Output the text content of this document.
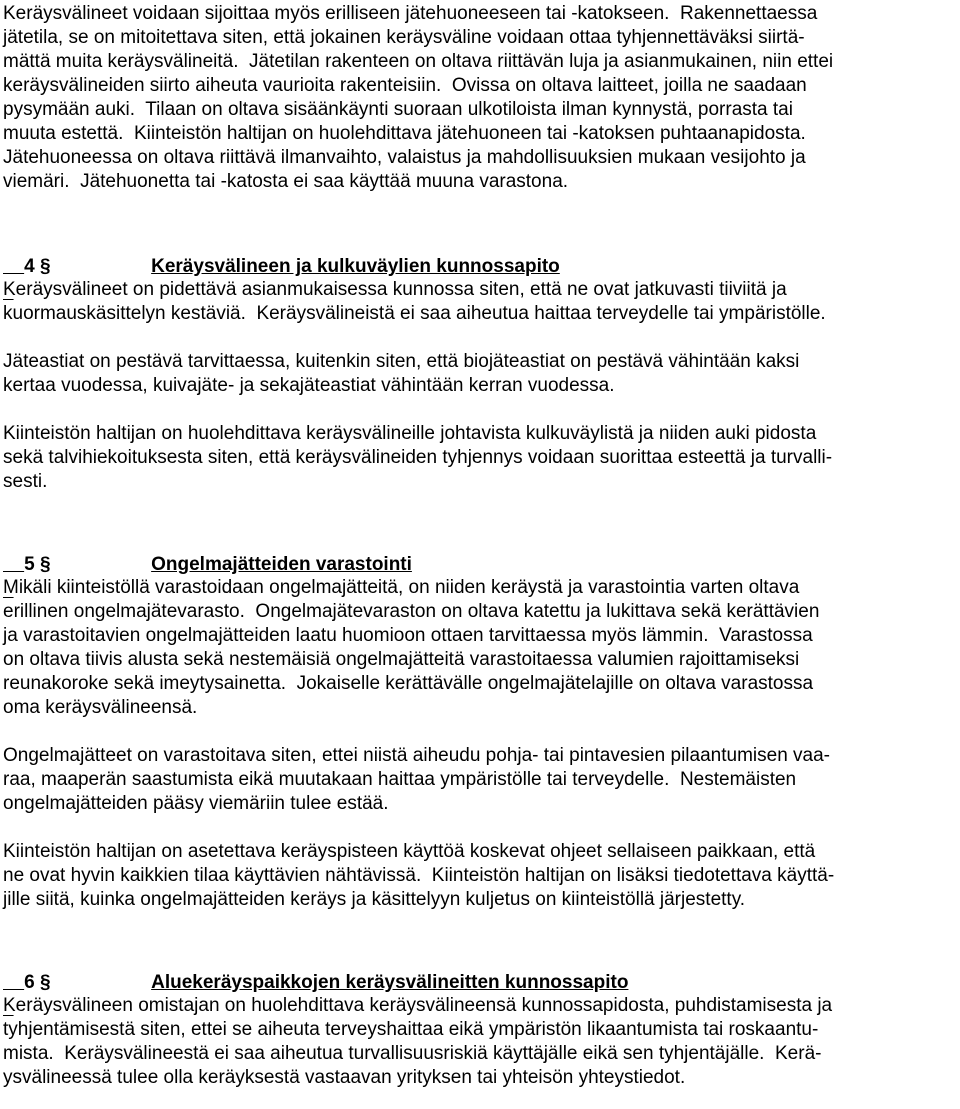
Keräysvälineet voidaan sijoittaa myös erilliseen jätehuoneeseen tai -katokseen.  Rakennettaessa

jätetila, se on mitoitettava siten, että jokainen keräysväline voidaan ottaa tyhjennettäväksi siirtä-

mättä muita keräysvälineitä.  Jätetilan rakenteen on oltava riittävän luja ja asianmukainen, niin ettei

keräysvälineiden siirto aiheuta vaurioita rakenteisiin.  Ovissa on oltava laitteet, joilla ne saadaan

pysymään auki.  Tilaan on oltava sisäänkäynti suoraan ulkotiloista ilman kynnystä, porrasta tai

muuta estettä.  Kiinteistön haltijan on huolehdittava jätehuoneen tai -katoksen puhtaanapidosta.

Jätehuoneessa on oltava riittävä ilmanvaihto, valaistus ja mahdollisuuksien mukaan vesijohto ja

viemäri.  Jätehuonetta tai -katosta ei saa käyttää muuna varastona.

4 §	Keräysvälineen ja kulkuväylien kunnossapito

Keräysvälineet on pidettävä asianmukaisessa kunnossa siten, että ne ovat jatkuvasti tiiviitä ja

kuormauskäsittelyn kestäviä.  Keräysvälineistä ei saa aiheutua haittaa terveydelle tai ympäristölle.

Jäteastiat on pestävä tarvittaessa, kuitenkin siten, että biojäteastiat on pestävä vähintään kaksi

kertaa vuodessa, kuivajäte- ja sekajäteastiat vähintään kerran vuodessa.

Kiinteistön haltijan on huolehdittava keräysvälineille johtavista kulkuväylistä ja niiden auki pidosta

sekä talvihiekoituksesta siten, että keräysvälineiden tyhjennys voidaan suorittaa esteettä ja turvalli-

sesti.

5 §	Ongelmajätteiden varastointi

Mikäli kiinteistöllä varastoidaan ongelmajätteitä, on niiden keräystä ja varastointia varten oltava

erillinen ongelmajätevarasto.  Ongelmajätevaraston on oltava katettu ja lukittava sekä kerättävien

ja varastoitavien ongelmajätteiden laatu huomioon ottaen tarvittaessa myös lämmin.  Varastossa

on oltava tiivis alusta sekä nestemäisiä ongelmajätteitä varastoitaessa valumien rajoittamiseksi

reunakoroke sekä imeytysainetta.  Jokaiselle kerättävälle ongelmajätelajille on oltava varastossa

oma keräysvälineensä.

Ongelmajätteet on varastoitava siten, ettei niistä aiheudu pohja- tai pintavesien pilaantumisen vaa-

raa, maaperän saastumista eikä muutakaan haittaa ympäristölle tai terveydelle.  Nestemäisten

ongelmajätteiden pääsy viemäriin tulee estää.

Kiinteistön haltijan on asetettava keräyspisteen käyttöä koskevat ohjeet sellaiseen paikkaan, että

ne ovat hyvin kaikkien tilaa käyttävien nähtävissä.  Kiinteistön haltijan on lisäksi tiedotettava käyttä-

jille siitä, kuinka ongelmajätteiden keräys ja käsittelyyn kuljetus on kiinteistöllä järjestetty.

6 §	Aluekeräyspaikkojen keräysvälineitten kunnossapito

Keräysvälineen omistajan on huolehdittava keräysvälineensä kunnossapidosta, puhdistamisesta ja

tyhjentämisestä siten, ettei se aiheuta terveyshaittaa eikä ympäristön likaantumista tai roskaantu-

mista.  Keräysvälineestä ei saa aiheutua turvallisuusriskiä käyttäjälle eikä sen tyhjentäjälle.  Kerä-

ysvälineessä tulee olla keräyksestä vastaavan yrityksen tai yhteisön yhteystiedot.
